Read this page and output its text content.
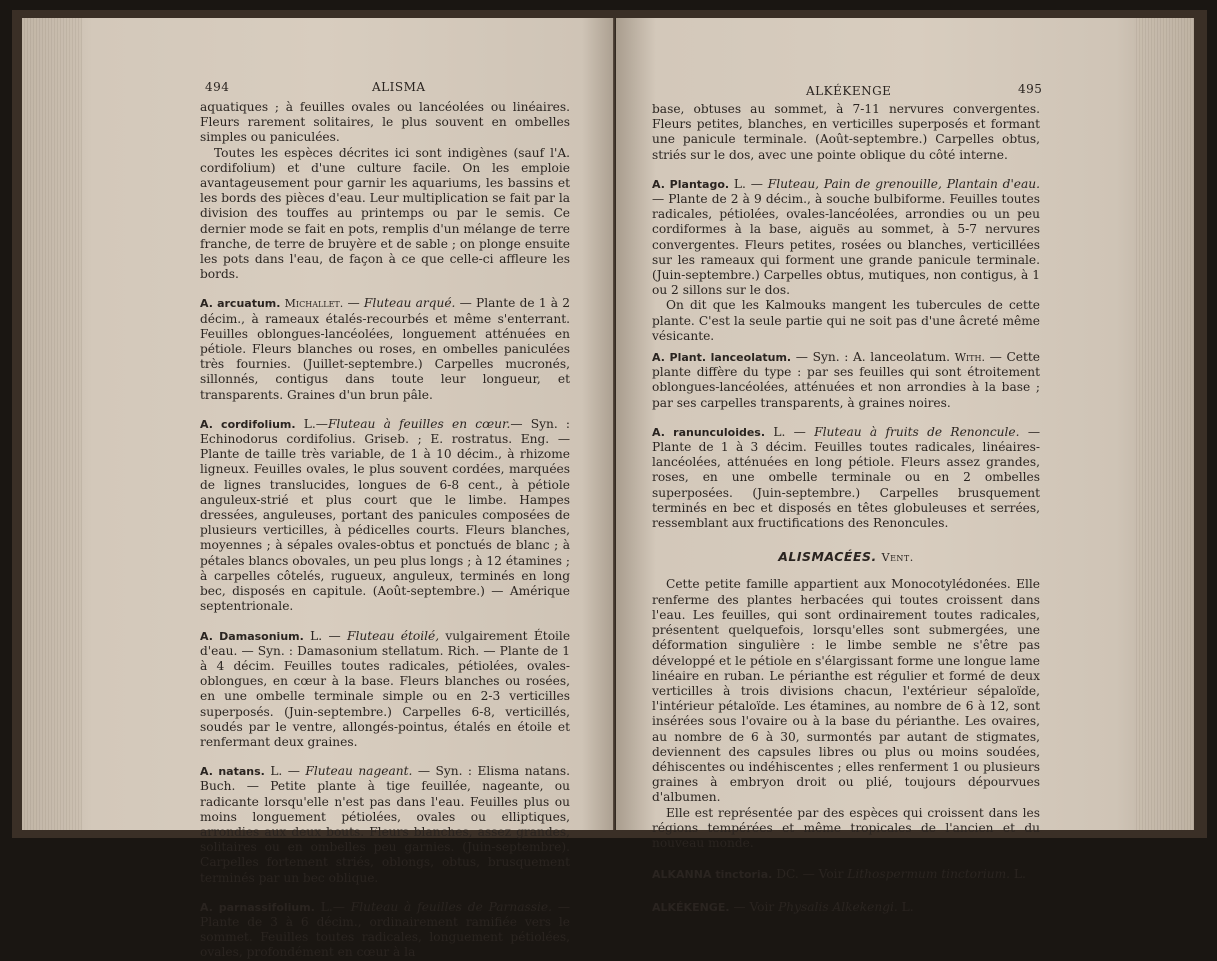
494	ALISMA

aquatiques ; à feuilles ovales ou lancéolées ou linéaires. Fleurs rarement solitaires, le plus souvent en ombelles simples ou paniculées.

Toutes les espèces décrites ici sont indigènes (sauf l'A. cordifolium) et d'une culture facile. On les emploie avantageusement pour garnir les aquariums, les bassins et les bords des pièces d'eau. Leur multiplication se fait par la division des touffes au printemps ou par le semis. Ce dernier mode se fait en pots, remplis d'un mélange de terre franche, de terre de bruyère et de sable ; on plonge ensuite les pots dans l'eau, de façon à ce que celle-ci affleure les bords.

A. arcuatum. Michallet. — Fluteau arqué. — Plante de 1 à 2 décim., à rameaux étalés-recourbés et même s'enterrant. Feuilles oblongues-lancéolées, longuement atténuées en pétiole. Fleurs blanches ou roses, en ombelles paniculées très fournies. (Juillet-septembre.) Carpelles mucronés, sillonnés, contigus dans toute leur longueur, et transparents. Graines d'un brun pâle.

A. cordifolium. L.—Fluteau à feuilles en cœur.— Syn. : Echinodorus cordifolius. Griseb. ; E. rostratus. Eng. — Plante de taille très variable, de 1 à 10 décim., à rhizome ligneux. Feuilles ovales, le plus souvent cordées, marquées de lignes translucides, longues de 6-8 cent., à pétiole anguleux-strié et plus court que le limbe. Hampes dressées, anguleuses, portant des panicules composées de plusieurs verticilles, à pédicelles courts. Fleurs blanches, moyennes ; à sépales ovales-obtus et ponctués de blanc ; à pétales blancs obovales, un peu plus longs ; à 12 étamines ; à carpelles côtelés, rugueux, anguleux, terminés en long bec, disposés en capitule. (Août-septembre.) — Amérique septentrionale.

A. Damasonium. L. — Fluteau étoilé, vulgairement Étoile d'eau. — Syn. : Damasonium stellatum. Rich. — Plante de 1 à 4 décim. Feuilles toutes radicales, pétiolées, ovales-oblongues, en cœur à la base. Fleurs blanches ou rosées, en une ombelle terminale simple ou en 2-3 verticilles superposés. (Juin-septembre.) Carpelles 6-8, verticillés, soudés par le ventre, allongés-pointus, étalés en étoile et renfermant deux graines.

A. natans. L. — Fluteau nageant. — Syn. : Elisma natans. Buch. — Petite plante à tige feuillée, nageante, ou radicante lorsqu'elle n'est pas dans l'eau. Feuilles plus ou moins longuement pétiolées, ovales ou elliptiques, arrondies aux deux bouts. Fleurs blanches, assez grandes, solitaires ou en ombelles peu garnies. (Juin-septembre). Carpelles fortement striés, oblongs, obtus, brusquement terminés par un bec oblique.

A. parnassifolium. L.— Fluteau à feuilles de Parnassie. — Plante de 3 à 6 décim., ordinairement ramifiée vers le sommet. Feuilles toutes radicales, longuement pétiolées, ovales, profondément en cœur à la

ALKÉKENGE	495

base, obtuses au sommet, à 7-11 nervures convergentes. Fleurs petites, blanches, en verticilles superposés et formant une panicule terminale. (Août-septembre.) Carpelles obtus, striés sur le dos, avec une pointe oblique du côté interne.

A. Plantago. L. — Fluteau, Pain de grenouille, Plantain d'eau. — Plante de 2 à 9 décim., à souche bulbiforme. Feuilles toutes radicales, pétiolées, ovales-lancéolées, arrondies ou un peu cordiformes à la base, aiguës au sommet, à 5-7 nervures convergentes. Fleurs petites, rosées ou blanches, verticillées sur les rameaux qui forment une grande panicule terminale. (Juin-septembre.) Carpelles obtus, mutiques, non contigus, à 1 ou 2 sillons sur le dos.

On dit que les Kalmouks mangent les tubercules de cette plante. C'est la seule partie qui ne soit pas d'une âcreté même vésicante.

A. Plant. lanceolatum. — Syn. : A. lanceolatum. With. — Cette plante diffère du type : par ses feuilles qui sont étroitement oblongues-lancéolées, atténuées et non arrondies à la base ; par ses carpelles transparents, à graines noires.

A. ranunculoides. L. — Fluteau à fruits de Renoncule. — Plante de 1 à 3 décim. Feuilles toutes radicales, linéaires-lancéolées, atténuées en long pétiole. Fleurs assez grandes, roses, en une ombelle terminale ou en 2 ombelles superposées. (Juin-septembre.) Carpelles brusquement terminés en bec et disposés en têtes globuleuses et serrées, ressemblant aux fructifications des Renoncules.

ALISMACÉES. Vent.

Cette petite famille appartient aux Monocotylédonées. Elle renferme des plantes herbacées qui toutes croissent dans l'eau. Les feuilles, qui sont ordinairement toutes radicales, présentent quelquefois, lorsqu'elles sont submergées, une déformation singulière : le limbe semble ne s'être pas développé et le pétiole en s'élargissant forme une longue lame linéaire en ruban. Le périanthe est régulier et formé de deux verticilles à trois divisions chacun, l'extérieur sépaloïde, l'intérieur pétaloïde. Les étamines, au nombre de 6 à 12, sont insérées sous l'ovaire ou à la base du périanthe. Les ovaires, au nombre de 6 à 30, surmontés par autant de stigmates, deviennent des capsules libres ou plus ou moins soudées, déhiscentes ou indéhiscentes ; elles renferment 1 ou plusieurs graines à embryon droit ou plié, toujours dépourvues d'albumen.

Elle est représentée par des espèces qui croissent dans les régions tempérées et même tropicales de l'ancien et du nouveau monde.

ALKANNA tinctoria. DC. — Voir Lithospermum tinctorium. L.

ALKÉKENGE. — Voir Physalis Alkekengi. L.
